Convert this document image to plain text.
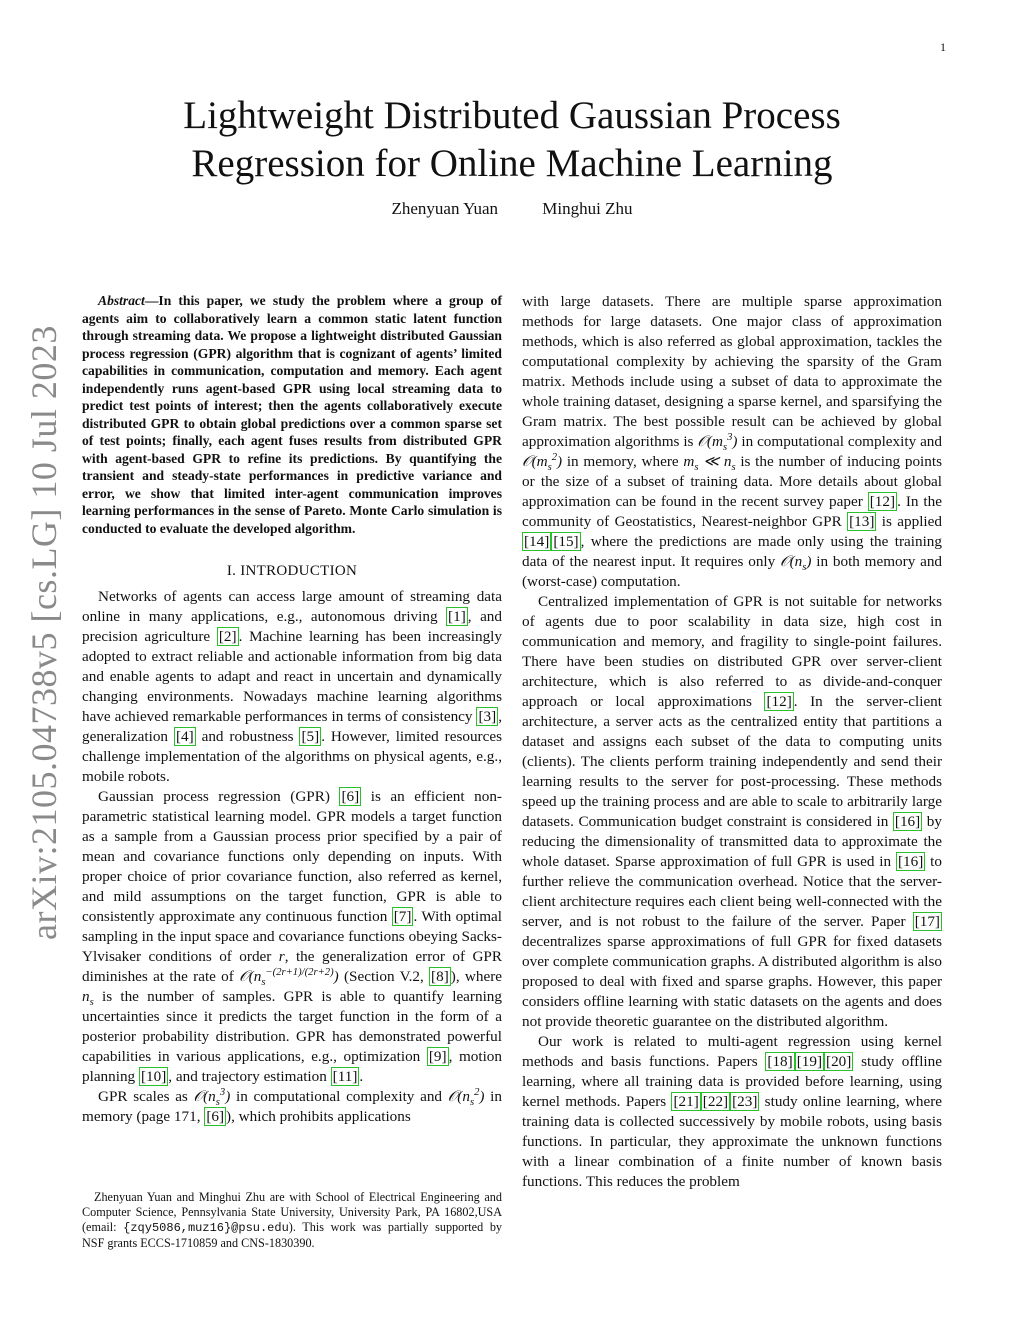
1
arXiv:2105.04738v5 [cs.LG] 10 Jul 2023
Lightweight Distributed Gaussian Process
Regression for Online Machine Learning
Zhenyuan Yuan	Minghui Zhu

Abstract—In this paper, we study the problem where a group of agents aim to collaboratively learn a common static latent function through streaming data. We propose a lightweight distributed Gaussian process regression (GPR) algorithm that is cognizant of agents’ limited capabilities in communication, computation and memory. Each agent independently runs agent-based GPR using local streaming data to predict test points of interest; then the agents collaboratively execute distributed GPR to obtain global predictions over a common sparse set of test points; finally, each agent fuses results from distributed GPR with agent-based GPR to refine its predictions. By quantifying the transient and steady-state performances in predictive variance and error, we show that limited inter-agent communication improves learning performances in the sense of Pareto. Monte Carlo simulation is conducted to evaluate the developed algorithm.

I. INTRODUCTION

Networks of agents can access large amount of streaming data online in many applications, e.g., autonomous driving [1] , and precision agriculture [2] . Machine learning has been increasingly adopted to extract reliable and actionable information from big data and enable agents to adapt and react in uncertain and dynamically changing environments. Nowadays machine learning algorithms have achieved remarkable performances in terms of consistency [3] , generalization [4] and robustness [5] . However, limited resources challenge implementation of the algorithms on physical agents, e.g., mobile robots.

Gaussian process regression (GPR) [6] is an efficient non-parametric statistical learning model. GPR models a target function as a sample from a Gaussian process prior specified by a pair of mean and covariance functions only depending on inputs. With proper choice of prior covariance function, also referred as kernel, and mild assumptions on the target function, GPR is able to consistently approximate any continuous function [7] . With optimal sampling in the input space and covariance functions obeying Sacks-Ylvisaker conditions of order r, the generalization error of GPR diminishes at the rate of $𝒪(n_s^{-(2r+1)/(2r+2)})$ (Section V.2, [8] ), where $n_s$ is the number of samples. GPR is able to quantify learning uncertainties since it predicts the target function in the form of a posterior probability distribution. GPR has demonstrated powerful capabilities in various applications, e.g., optimization [9] , motion planning [10] , and trajectory estimation [11] .

GPR scales as $𝒪(n_s^3)$ in computational complexity and $𝒪(n_s^2)$ in memory (page 171, [6] ), which prohibits applications

Zhenyuan Yuan and Minghui Zhu are with School of Electrical Engineering and Computer Science, Pennsylvania State University, University Park, PA 16802,USA (email: {zqy5086,muz16}@psu.edu). This work was partially supported by NSF grants ECCS-1710859 and CNS-1830390.

with large datasets. There are multiple sparse approximation methods for large datasets. One major class of approximation methods, which is also referred as global approximation, tackles the computational complexity by achieving the sparsity of the Gram matrix. Methods include using a subset of data to approximate the whole training dataset, designing a sparse kernel, and sparsifying the Gram matrix. The best possible result can be achieved by global approximation algorithms is $𝒪(m_s^3)$ in computational complexity and $𝒪(m_s^2)$ in memory, where $m_s$ ≪ $n_s$ is the number of inducing points or the size of a subset of training data. More details about global approximation can be found in the recent survey paper [12] . In the community of Geostatistics, Nearest-neighbor GPR [13] is applied [14] [15] , where the predictions are made only using the training data of the nearest input. It requires only $𝒪(n_s)$ in both memory and (worst-case) computation.

Centralized implementation of GPR is not suitable for networks of agents due to poor scalability in data size, high cost in communication and memory, and fragility to single-point failures. There have been studies on distributed GPR over server-client architecture, which is also referred to as divide-and-conquer approach or local approximations [12] . In the server-client architecture, a server acts as the centralized entity that partitions a dataset and assigns each subset of the data to computing units (clients). The clients perform training independently and send their learning results to the server for post-processing. These methods speed up the training process and are able to scale to arbitrarily large datasets. Communication budget constraint is considered in [16] by reducing the dimensionality of transmitted data to approximate the whole dataset. Sparse approximation of full GPR is used in [16] to further relieve the communication overhead. Notice that the server-client architecture requires each client being well-connected with the server, and is not robust to the failure of the server. Paper [17] decentralizes sparse approximations of full GPR for fixed datasets over complete communication graphs. A distributed algorithm is also proposed to deal with fixed and sparse graphs. However, this paper considers offline learning with static datasets on the agents and does not provide theoretic guarantee on the distributed algorithm.

Our work is related to multi-agent regression using kernel methods and basis functions. Papers [18] [19] [20] study offline learning, where all training data is provided before learning, using kernel methods. Papers [21] [22] [23] study online learning, where training data is collected successively by mobile robots, using basis functions. In particular, they approximate the unknown functions with a linear combination of a finite number of known basis functions. This reduces the problem
